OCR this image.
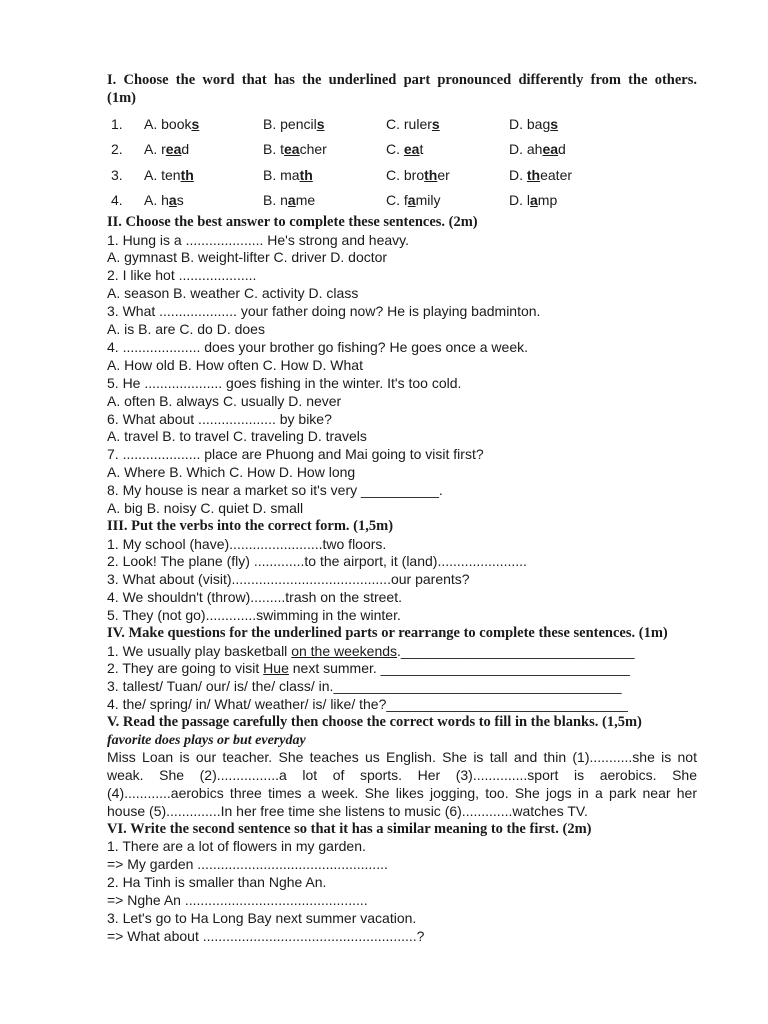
I. Choose the word that has the underlined part pronounced differently from the others.

(1m)

1.	A. books	B. pencils	C. rulers	D. bags
2.	A. read	B. teacher	C. eat	D. ahead
3.	A. tenth	B. math	C. brother	D. theater
4.	A. has	B. name	C. family	D. lamp

II. Choose the best answer to complete these sentences. (2m)

1. Hung is a .................... He's strong and heavy.
A. gymnast B. weight-lifter C. driver D. doctor
2. I like hot ....................
A. season B. weather C. activity D. class
3. What .................... your father doing now? He is playing badminton.
A. is B. are C. do D. does
4. .................... does your brother go fishing? He goes once a week.
A. How old B. How often C. How D. What
5. He .................... goes fishing in the winter. It's too cold.
A. often B. always C. usually D. never
6. What about .................... by bike?
A. travel B. to travel C. traveling D. travels
7. .................... place are Phuong and Mai going to visit first?
A. Where B. Which C. How D. How long
8. My house is near a market so it's very __________.
A. big B. noisy C. quiet D. small

III. Put the verbs into the correct form. (1,5m)

1. My school (have)........................two floors.
2. Look! The plane (fly) .............to the airport, it (land).......................
3. What about (visit).........................................our parents?
4. We shouldn't (throw).........trash on the street.
5. They (not go).............swimming in the winter.

IV. Make questions for the underlined parts or rearrange to complete these sentences. (1m)

1. We usually play basketball on the weekends.______________________________
2. They are going to visit Hue next summer. ________________________________
3. tallest/ Tuan/ our/ is/ the/ class/ in._____________________________________
4. the/ spring/ in/ What/ weather/ is/ like/ the?_______________________________

V. Read the passage carefully then choose the correct words to fill in the blanks. (1,5m)

favorite does plays or but everyday
Miss Loan is our teacher. She teaches us English. She is tall and thin (1)...........she is not weak. She (2)................a lot of sports. Her (3)..............sport is aerobics. She (4)............aerobics three times a week. She likes jogging, too. She jogs in a park near her house (5)..............In her free time she listens to music (6).............watches TV.

VI. Write the second sentence so that it has a similar meaning to the first. (2m)

1. There are a lot of flowers in my garden.
=> My garden .................................................
2. Ha Tinh is smaller than Nghe An.
=> Nghe An ...............................................
3. Let's go to Ha Long Bay next summer vacation.
=> What about .......................................................?
